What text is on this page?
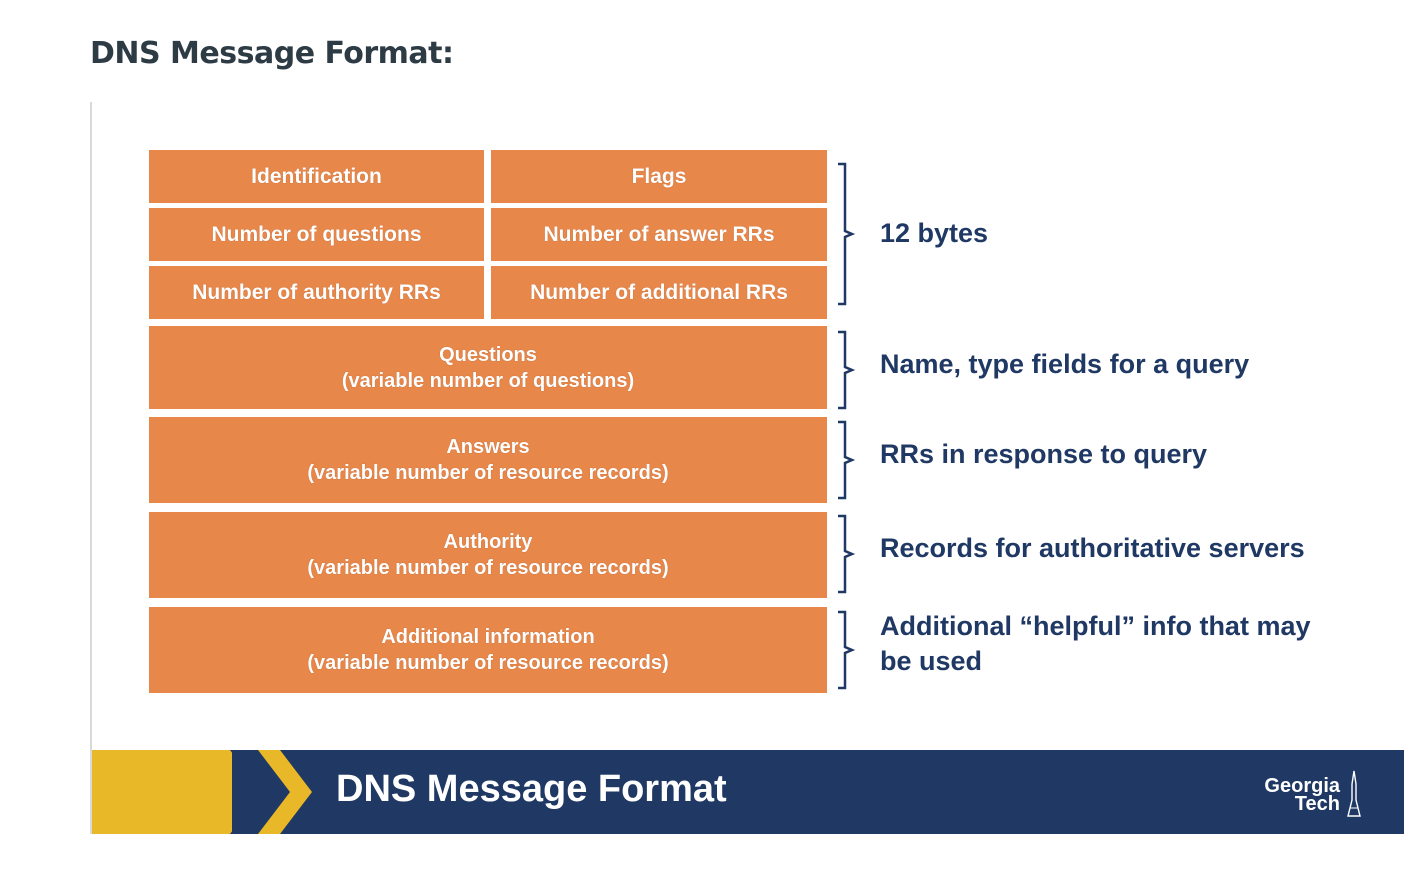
DNS Message Format:
Identification	Flags
Number of questions	Number of answer RRs
Number of authority RRs	Number of additional RRs
Questions
(variable number of questions)
Answers
(variable number of resource records)
Authority
(variable number of resource records)
Additional information
(variable number of resource records)
12 bytes
Name, type fields for a query
RRs in response to query
Records for authoritative servers
Additional “helpful” info that may
be used
DNS Message Format	Georgia
Tech
